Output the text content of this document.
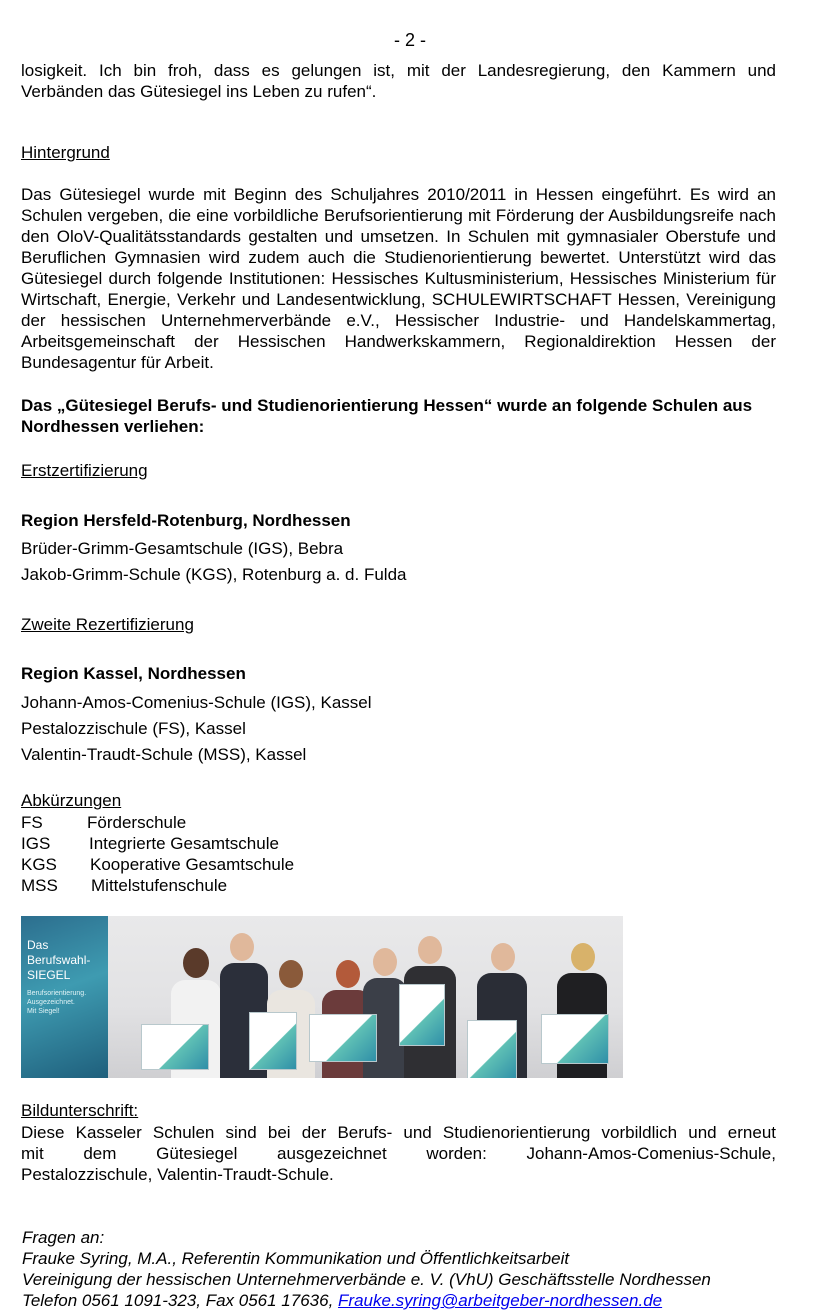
- 2 -
losigkeit. Ich bin froh, dass es gelungen ist, mit der Landesregierung, den Kammern und
Verbänden das Gütesiegel ins Leben zu rufen“.
Hintergrund
Das Gütesiegel wurde mit Beginn des Schuljahres 2010/2011 in Hessen eingeführt. Es wird an Schulen vergeben, die eine vorbildliche Berufsorientierung mit Förderung der Ausbildungsreife nach den OloV-Qualitätsstandards gestalten und umsetzen. In Schulen mit gymnasialer Oberstufe und Beruflichen Gymnasien wird zudem auch die Studienorientierung bewertet. Unterstützt wird das Gütesiegel durch folgende Institutionen: Hessisches Kultusministerium, Hessisches Ministerium für Wirtschaft, Energie, Verkehr und Landesentwicklung, SCHULEWIRTSCHAFT Hessen, Vereinigung der hessischen Unternehmerverbände e.V., Hessischer Industrie- und Handelskammertag, Arbeitsgemeinschaft der Hessischen Handwerkskammern, Regionaldirektion Hessen der Bundesagentur für Arbeit.
Das „Gütesiegel Berufs- und Studienorientierung Hessen“ wurde an folgende Schulen aus Nordhessen verliehen:
Erstzertifizierung
Region Hersfeld-Rotenburg, Nordhessen
Brüder-Grimm-Gesamtschule (IGS), Bebra
Jakob-Grimm-Schule (KGS), Rotenburg a. d. Fulda
Zweite Rezertifizierung
Region Kassel, Nordhessen
Johann-Amos-Comenius-Schule (IGS), Kassel
Pestalozzischule (FS), Kassel
Valentin-Traudt-Schule (MSS), Kassel
Abkürzungen
FS	Förderschule
IGS Integrierte Gesamtschule
KGS Kooperative Gesamtschule
MSS Mittelstufenschule
Das
Berufswahl-
SIEGEL
Berufsorientierung.
Ausgezeichnet.
Mit Siegel!
Bildunterschrift:
Diese Kasseler Schulen sind bei der Berufs- und Studienorientierung vorbildlich und erneut
mit dem Gütesiegel ausgezeichnet worden: Johann-Amos-Comenius-Schule,
Pestalozzischule, Valentin-Traudt-Schule.
Fragen an:
Frauke Syring, M.A., Referentin Kommunikation und Öffentlichkeitsarbeit
Vereinigung der hessischen Unternehmerverbände e. V. (VhU) Geschäftsstelle Nordhessen
Telefon 0561 1091-323, Fax 0561 17636, Frauke.syring@arbeitgeber-nordhessen.de
